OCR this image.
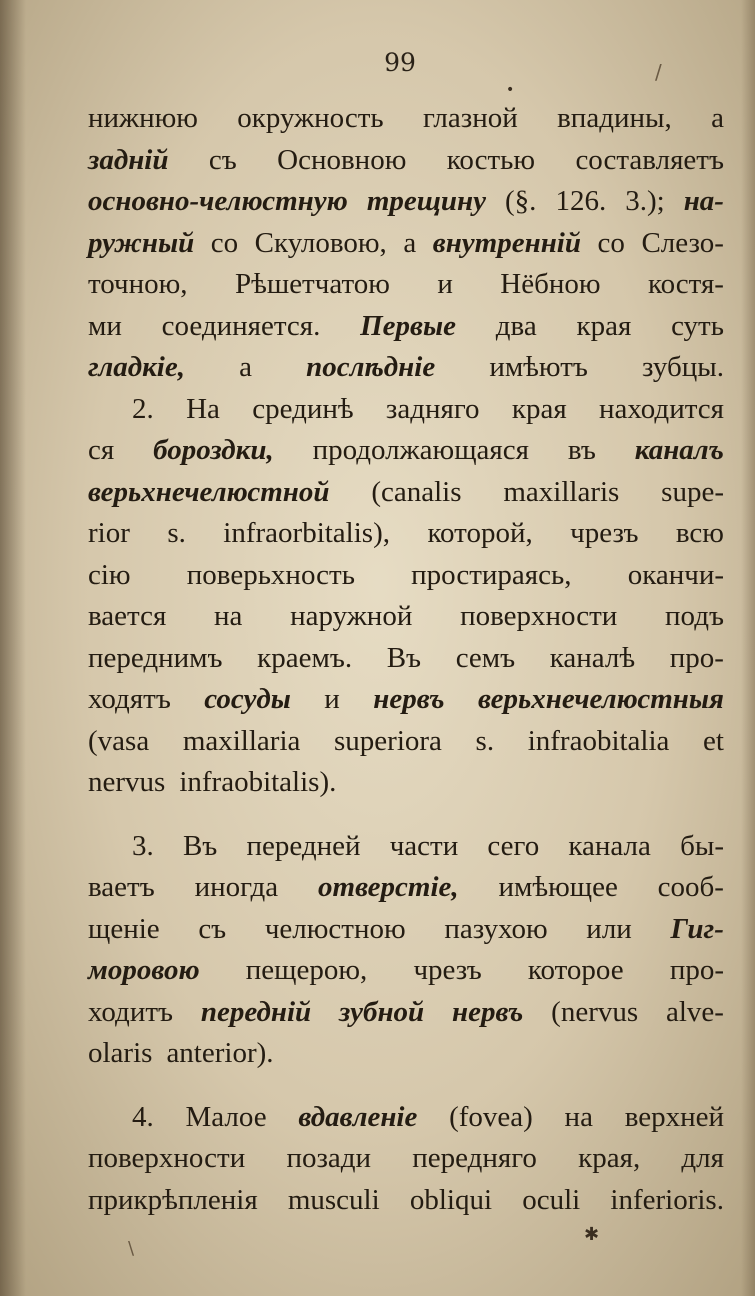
99
•
/
✱
\
нижнюю окружность глазной впадины, а
задній съ Основною костью составляетъ
основно-челюстную трещину (§. 126. 3.); на-
ружный со Скуловою, а внутренній со Слезо-
точною, Рѣшетчатою и Нёбною костя-
ми соединяется. Первые два края суть
гладкіе, а послѣдніе имѣютъ зубцы.
2. На срединѣ задняго края находится
ся бороздки, продолжающаяся въ каналъ
верьхнечелюстной (canalis maxillaris supe-
rior s. infraorbitalis), которой, чрезъ всю
сію поверьхность простираясь, оканчи-
вается на наружной поверхности подъ
переднимъ краемъ. Въ семъ каналѣ про-
ходятъ сосуды и нервъ верьхнечелюстныя
(vasa maxillaria superiora s. infraobitalia et
nervus infraobitalis).
3. Въ передней части сего канала бы-
ваетъ иногда отверстіе, имѣющее сооб-
щеніе съ челюстною пазухою или Гиг-
моровою пещерою, чрезъ которое про-
ходитъ передній зубной нервъ (nervus alve-
olaris anterior).
4. Малое вдавленіе (fovea) на верхней
поверхности позади передняго края, для
прикрѣпленія musculi obliqui oculi inferioris.
